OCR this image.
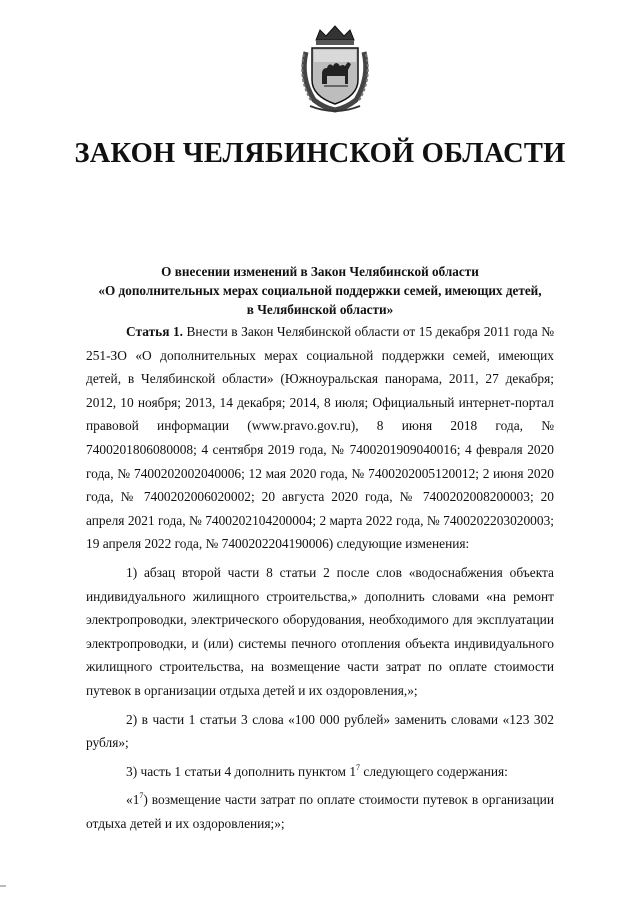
ЗАКОН ЧЕЛЯБИНСКОЙ ОБЛАСТИ
О внесении изменений в Закон Челябинской области
«О дополнительных мерах социальной поддержки семей, имеющих детей,
в Челябинской области»

Статья 1. Внести в Закон Челябинской области от 15 декабря 2011 года № 251-ЗО «О дополнительных мерах социальной поддержки семей, имеющих детей, в Челябинской области» (Южноуральская панорама, 2011, 27 декабря; 2012, 10 ноября; 2013, 14 декабря; 2014, 8 июля; Официальный интернет-портал правовой информации (www.pravo.gov.ru), 8 июня 2018 года, № 7400201806080008; 4 сентября 2019 года, № 7400201909040016; 4 февраля 2020 года, № 7400202002040006; 12 мая 2020 года, № 7400202005120012; 2 июня 2020 года, № 7400202006020002; 20 августа 2020 года, № 7400202008200003; 20 апреля 2021 года, № 7400202104200004; 2 марта 2022 года, № 7400202203020003; 19 апреля 2022 года, № 7400202204190006) следующие изменения:

1) абзац второй части 8 статьи 2 после слов «водоснабжения объекта индивидуального жилищного строительства,» дополнить словами «на ремонт электропроводки, электрического оборудования, необходимого для эксплуатации электропроводки, и (или) системы печного отопления объекта индивидуального жилищного строительства, на возмещение части затрат по оплате стоимости путевок в организации отдыха детей и их оздоровления,»;

2) в части 1 статьи 3 слова «100 000 рублей» заменить словами «123 302 рубля»;

3) часть 1 статьи 4 дополнить пунктом $1^7$ следующего содержания:

«$1^7$) возмещение части затрат по оплате стоимости путевок в организации отдыха детей и их оздоровления;»;
